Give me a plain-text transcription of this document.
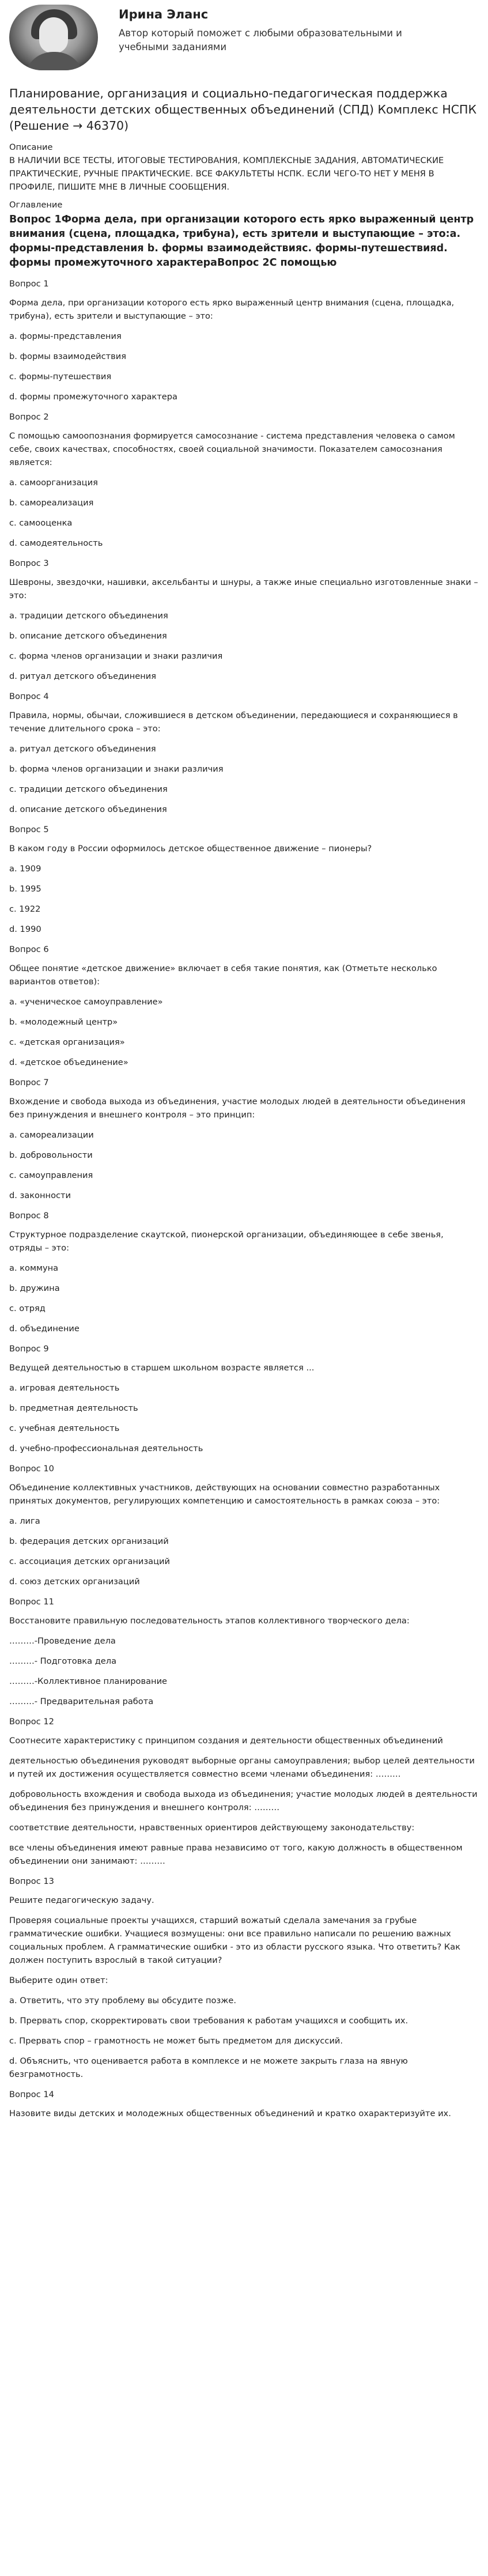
Ирина Эланс
Автор который поможет с любыми образовательными и учебными заданиями
Планирование, организация и социально-педагогическая поддержка деятельности детских общественных объединений (СПД) Комплекс НСПК (Решение → 46370)
Описание
В НАЛИЧИИ ВСЕ ТЕСТЫ, ИТОГОВЫЕ ТЕСТИРОВАНИЯ, КОМПЛЕКСНЫЕ ЗАДАНИЯ, АВТОМАТИЧЕСКИЕ ПРАКТИЧЕСКИЕ, РУЧНЫЕ ПРАКТИЧЕСКИЕ. ВСЕ ФАКУЛЬТЕТЫ НСПК. ЕСЛИ ЧЕГО-ТО НЕТ У МЕНЯ В ПРОФИЛЕ, ПИШИТЕ МНЕ В ЛИЧНЫЕ СООБЩЕНИЯ.
Оглавление
Вопрос 1Форма дела, при организации которого есть ярко выраженный центр внимания (сцена, площадка, трибуна), есть зрители и выступающие – это:а. формы-представления b. формы взаимодействияс. формы-путешествияd. формы промежуточного характераВопрос 2С помощью
Вопрос 1
Форма дела, при организации которого есть ярко выраженный центр внимания (сцена, площадка, трибуна), есть зрители и выступающие – это:
a. формы-представления
b. формы взаимодействия
c. формы-путешествия
d. формы промежуточного характера
Вопрос 2
С помощью самоопознания формируется самосознание - система представления человека о самом себе, своих качествах, способностях, своей социальной значимости. Показателем самосознания является:
a. самоорганизация
b. самореализация
c. самооценка
d. самодеятельность
Вопрос 3
Шевроны, звездочки, нашивки, аксельбанты и шнуры, а также иные специально изготовленные знаки – это:
a. традиции детского объединения
b. описание детского объединения
c. форма членов организации и знаки различия
d. ритуал детского объединения
Вопрос 4
Правила, нормы, обычаи, сложившиеся в детском объединении, передающиеся и сохраняющиеся в течение длительного срока – это:
a. ритуал детского объединения
b. форма членов организации и знаки различия
c. традиции детского объединения
d. описание детского объединения
Вопрос 5
В каком году в России оформилось детское общественное движение – пионеры?
a. 1909
b. 1995
c. 1922
d. 1990
Вопрос 6
Общее понятие «детское движение» включает в себя такие понятия, как (Отметьте несколько вариантов ответов):
a. «ученическое самоуправление»
b. «молодежный центр»
c. «детская организация»
d. «детское объединение»
Вопрос 7
Вхождение и свобода выхода из объединения, участие молодых людей в деятельности объединения без принуждения и внешнего контроля – это принцип:
a. самореализации
b. добровольности
c. самоуправления
d. законности
Вопрос 8
Структурное подразделение скаутской, пионерской организации, объединяющее в себе звенья, отряды – это:
a. коммуна
b. дружина
c. отряд
d. объединение
Вопрос 9
Ведущей деятельностью в старшем школьном возрасте является ...
a. игровая деятельность
b. предметная деятельность
c. учебная деятельность
d. учебно-профессиональная деятельность
Вопрос 10
Объединение коллективных участников, действующих на основании совместно разработанных принятых документов, регулирующих компетенцию и самостоятельность в рамках союза – это:
a. лига
b. федерация детских организаций
c. ассоциация детских организаций
d. союз детских организаций
Вопрос 11
Восстановите правильную последовательность этапов коллективного творческого дела:
………-Проведение дела
………- Подготовка дела
………-Коллективное планирование
………- Предварительная работа
Вопрос 12
Соотнесите характеристику с принципом создания и деятельности общественных объединений
деятельностью объединения руководят выборные органы самоуправления; выбор целей деятельности и путей их достижения осуществляется совместно всеми членами объединения: ………
добровольность вхождения и свобода выхода из объединения; участие молодых людей в деятельности объединения без принуждения и внешнего контроля: ………
соответствие деятельности, нравственных ориентиров действующему законодательству:
все члены объединения имеют равные права независимо от того, какую должность в общественном объединении они занимают: ………
Вопрос 13
Решите педагогическую задачу.
Проверяя социальные проекты учащихся, старший вожатый сделала замечания за грубые грамматические ошибки. Учащиеся возмущены: они все правильно написали по решению важных социальных проблем. А грамматические ошибки - это из области русского языка. Что ответить? Как должен поступить взрослый в такой ситуации?
Выберите один ответ:
a. Ответить, что эту проблему вы обсудите позже.
b. Прервать спор, скорректировать свои требования к работам учащихся и сообщить их.
c. Прервать спор – грамотность не может быть предметом для дискуссий.
d. Объяснить, что оценивается работа в комплексе и не можете закрыть глаза на явную безграмотность.
Вопрос 14
Назовите виды детских и молодежных общественных объединений и кратко охарактеризуйте их.
